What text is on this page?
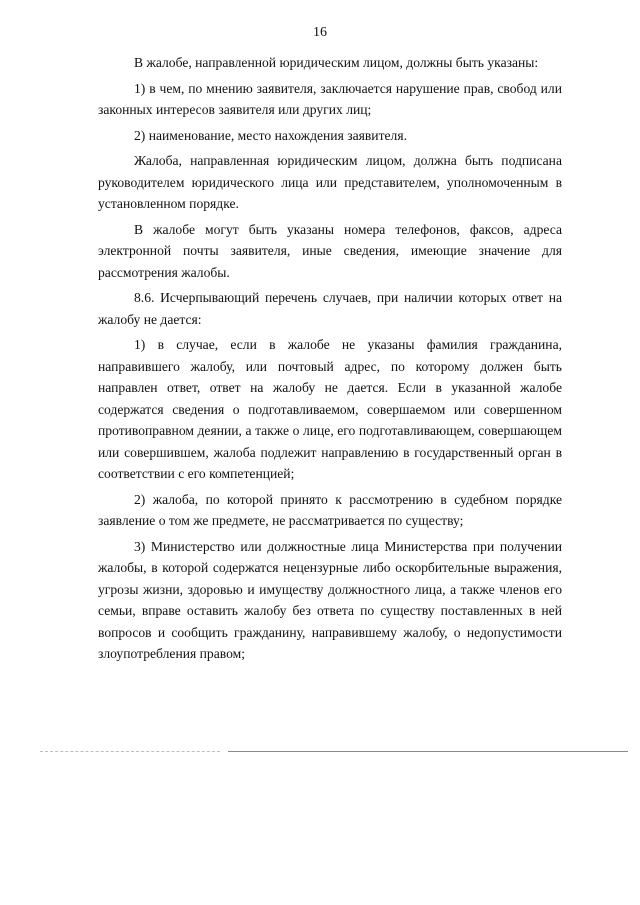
16

В жалобе, направленной юридическим лицом, должны быть указаны:

1) в чем, по мнению заявителя, заключается нарушение прав, свобод или законных интересов заявителя или других лиц;

2) наименование, место нахождения заявителя.

Жалоба, направленная юридическим лицом, должна быть подписана руководителем юридического лица или представителем, уполномоченным в установленном порядке.

В жалобе могут быть указаны номера телефонов, факсов, адреса электронной почты заявителя, иные сведения, имеющие значение для рассмотрения жалобы.

8.6. Исчерпывающий перечень случаев, при наличии которых ответ на жалобу не дается:

1) в случае, если в жалобе не указаны фамилия гражданина, направившего жалобу, или почтовый адрес, по которому должен быть направлен ответ, ответ на жалобу не дается. Если в указанной жалобе содержатся сведения о подготавливаемом, совершаемом или совершенном противоправном деянии, а также о лице, его подготавливающем, совершающем или совершившем, жалоба подлежит направлению в государственный орган в соответствии с его компетенцией;

2) жалоба, по которой принято к рассмотрению в судебном порядке заявление о том же предмете, не рассматривается по существу;

3) Министерство или должностные лица Министерства при получении жалобы, в которой содержатся нецензурные либо оскорбительные выражения, угрозы жизни, здоровью и имуществу должностного лица, а также членов его семьи, вправе оставить жалобу без ответа по существу поставленных в ней вопросов и сообщить гражданину, направившему жалобу, о недопустимости злоупотребления правом;
